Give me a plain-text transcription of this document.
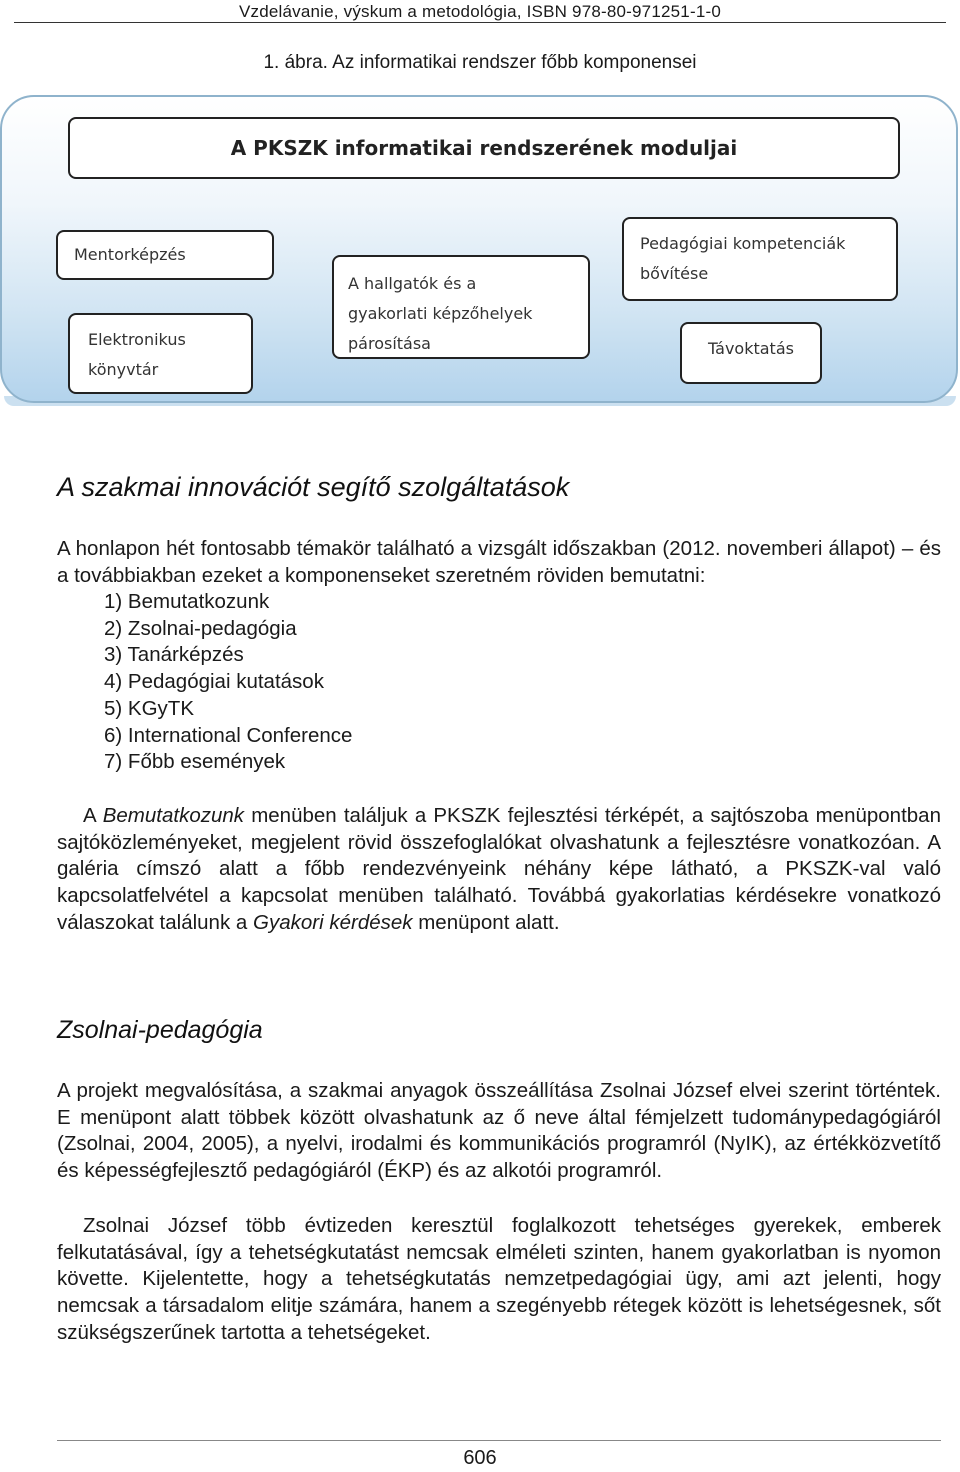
Vzdelávanie, výskum a metodológia, ISBN 978-80-971251-1-0
1. ábra. Az informatikai rendszer főbb komponensei
A PKSZK informatikai rendszerének moduljai
Mentorképzés
Elektronikus
könyvtár
A hallgatók és a
gyakorlati képzőhelyek
párosítása
Pedagógiai kompetenciák
bővítése
Távoktatás
A szakmai innovációt segítő szolgáltatások
A honlapon hét fontosabb témakör található a vizsgált időszakban (2012. novemberi állapot) – és a továbbiakban ezeket a komponenseket szeretném röviden bemutatni:
1) Bemutatkozunk
2) Zsolnai-pedagógia
3) Tanárképzés
4) Pedagógiai kutatások
5) KGyTK
6) International Conference
7) Főbb események
A Bemutatkozunk menüben találjuk a PKSZK fejlesztési térképét, a sajtószoba menüpontban sajtóközleményeket, megjelent rövid összefoglalókat olvashatunk a fejlesztésre vonatkozóan. A galéria címszó alatt a főbb rendezvényeink néhány képe látható, a PKSZK-val való kapcsolatfelvétel a kapcsolat menüben található. Továbbá gyakorlatias kérdésekre vonatkozó válaszokat találunk a Gyakori kérdések menüpont alatt.
Zsolnai-pedagógia
A projekt megvalósítása, a szakmai anyagok összeállítása Zsolnai József elvei szerint történtek. E menüpont alatt többek között olvashatunk az ő neve által fémjelzett tudománypedagógiáról (Zsolnai, 2004, 2005), a nyelvi, irodalmi és kommunikációs programról (NyIK), az értékközvetítő és képességfejlesztő pedagógiáról (ÉKP) és az alkotói programról.
Zsolnai József több évtizeden keresztül foglalkozott tehetséges gyerekek, emberek felkutatásával, így a tehetségkutatást nemcsak elméleti szinten, hanem gyakorlatban is nyomon követte. Kijelentette, hogy a tehetségkutatás nemzetpedagógiai ügy, ami azt jelenti, hogy nemcsak a társadalom elitje számára, hanem a szegényebb rétegek között is lehetségesnek, sőt szükségszerűnek tartotta a tehetségeket.
606
